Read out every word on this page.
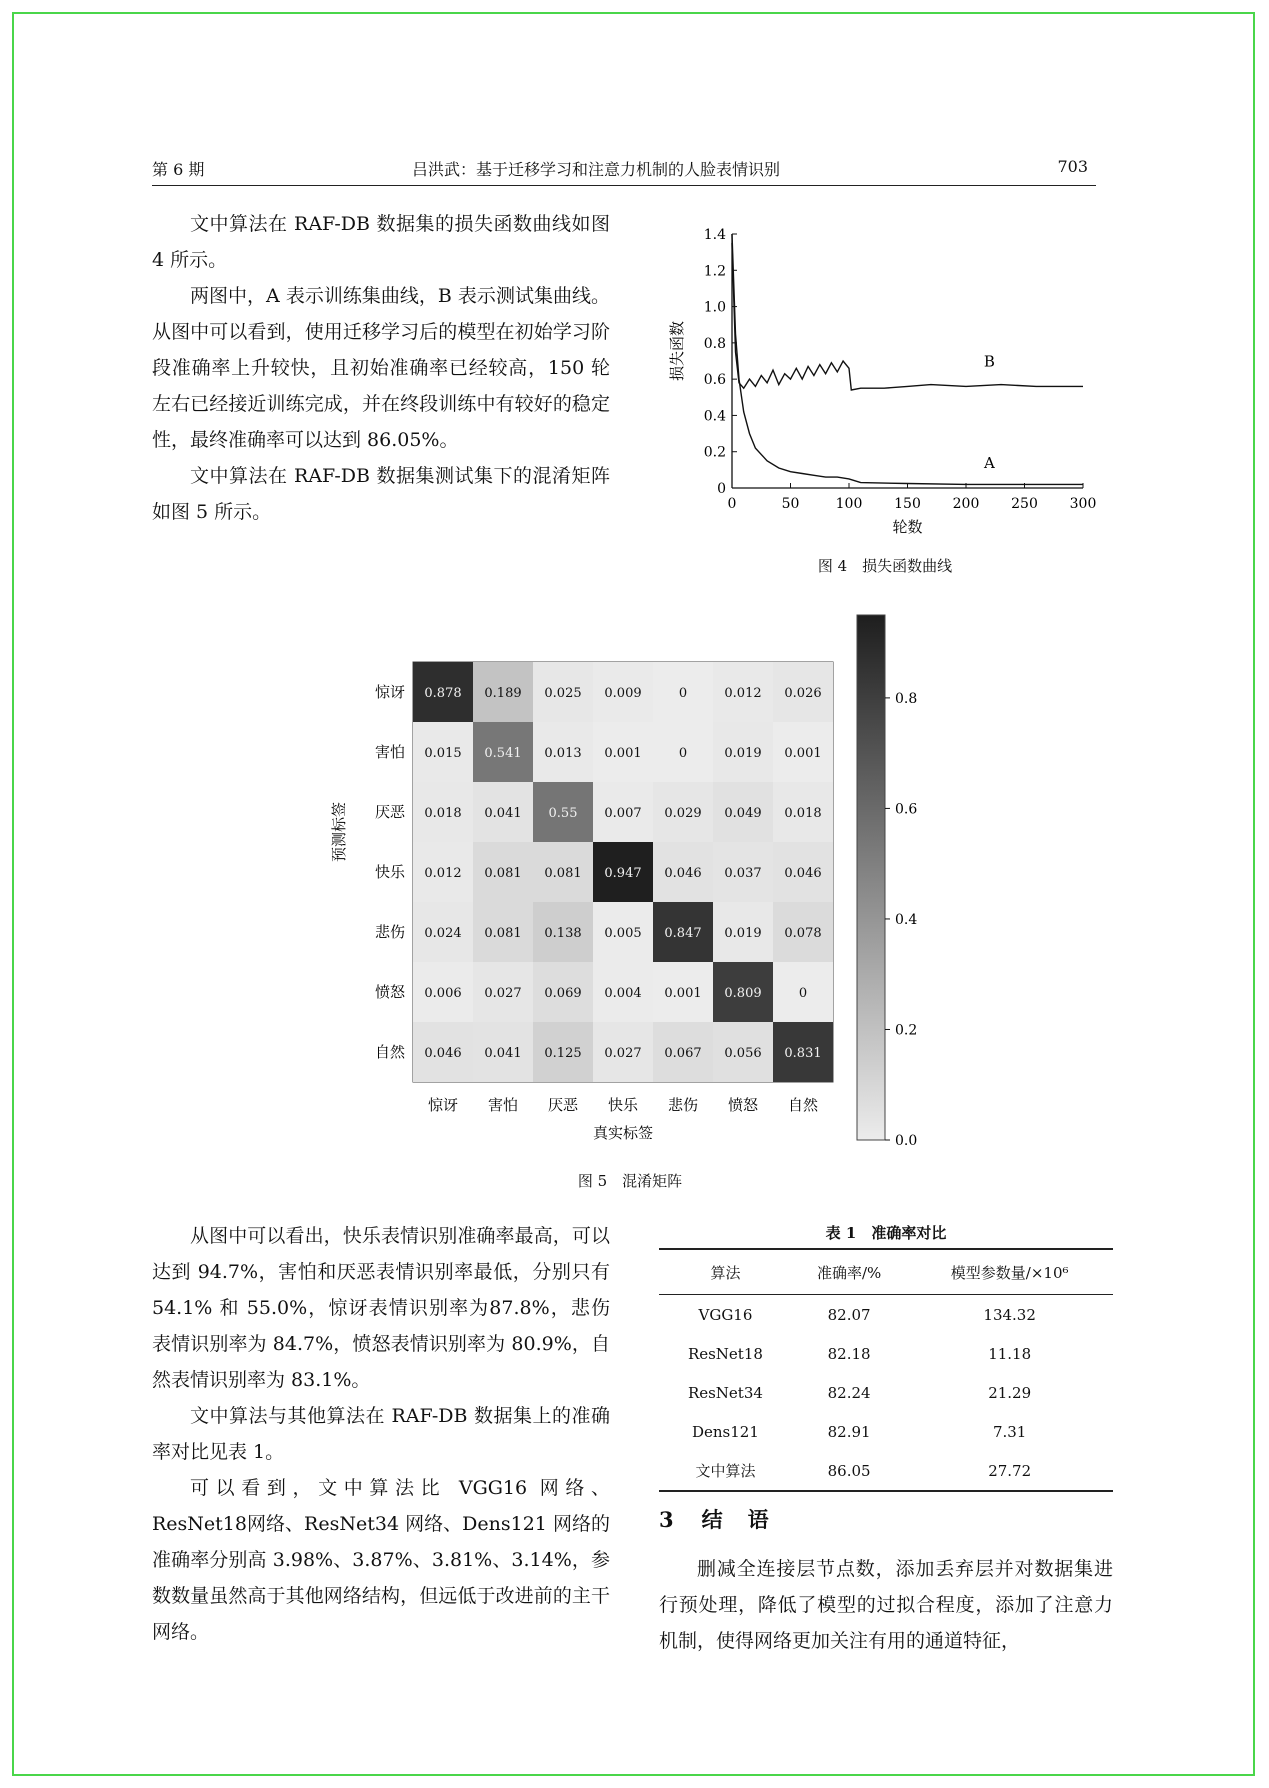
第 6 期	吕洪武：基于迁移学习和注意力机制的人脸表情识别	703

文中算法在 RAF-DB 数据集的损失函数曲线如图 4 所示。

两图中，A 表示训练集曲线，B 表示测试集曲线。从图中可以看到，使用迁移学习后的模型在初始学习阶段准确率上升较快，且初始准确率已经较高，150 轮左右已经接近训练完成，并在终段训练中有较好的稳定性，最终准确率可以达到 86.05%。

文中算法在 RAF-DB 数据集测试集下的混淆矩阵如图 5 所示。

0
0.2
0.4
0.6
0.8
1.0
1.2
1.4
0	50	100 150 200 250 300
轮数
损失函数
A
B
图 4　损失函数曲线
0.878 0.189 0.025 0.009	0	0.012 0.026
0.015 0.541 0.013 0.001	0	0.019 0.001
0.018 0.041 0.55 0.007 0.029 0.049 0.018
0.012 0.081 0.081 0.947 0.046 0.037 0.046
0.024 0.081 0.138 0.005 0.847 0.019 0.078
0.006 0.027 0.069 0.004 0.001 0.809	0
0.046 0.041 0.125 0.027 0.067 0.056 0.831
惊讶
害怕
厌恶
快乐
悲伤
愤怒
自然
惊讶 害怕 厌恶 快乐 悲伤 愤怒 自然
真实标签
预测标签
0.8
0.6
0.4
0.2
0.0
图 5　混淆矩阵

从图中可以看出，快乐表情识别准确率最高，可以达到 94.7%，害怕和厌恶表情识别率最低，分别只有 54.1% 和 55.0%，惊讶表情识别率为87.8%，悲伤表情识别率为 84.7%，愤怒表情识别率为 80.9%，自然表情识别率为 83.1%。

文中算法与其他算法在 RAF-DB 数据集上的准确率对比见表 1。

可以看到，文中算法比 VGG16 网络、ResNet18网络、ResNet34 网络、Dens121 网络的准确率分别高 3.98%、3.87%、3.81%、3.14%，参数数量虽然高于其他网络结构，但远低于改进前的主干网络。

表 1　准确率对比
算法	准确率/%	模型参数量/×10⁶
VGG16	82.07	134.32
ResNet18	82.18	11.18
ResNet34	82.24	21.29
Dens121	82.91	7.31
文中算法	86.05	27.72
3 结　语

删减全连接层节点数，添加丢弃层并对数据集进行预处理，降低了模型的过拟合程度，添加了注意力机制，使得网络更加关注有用的通道特征，
